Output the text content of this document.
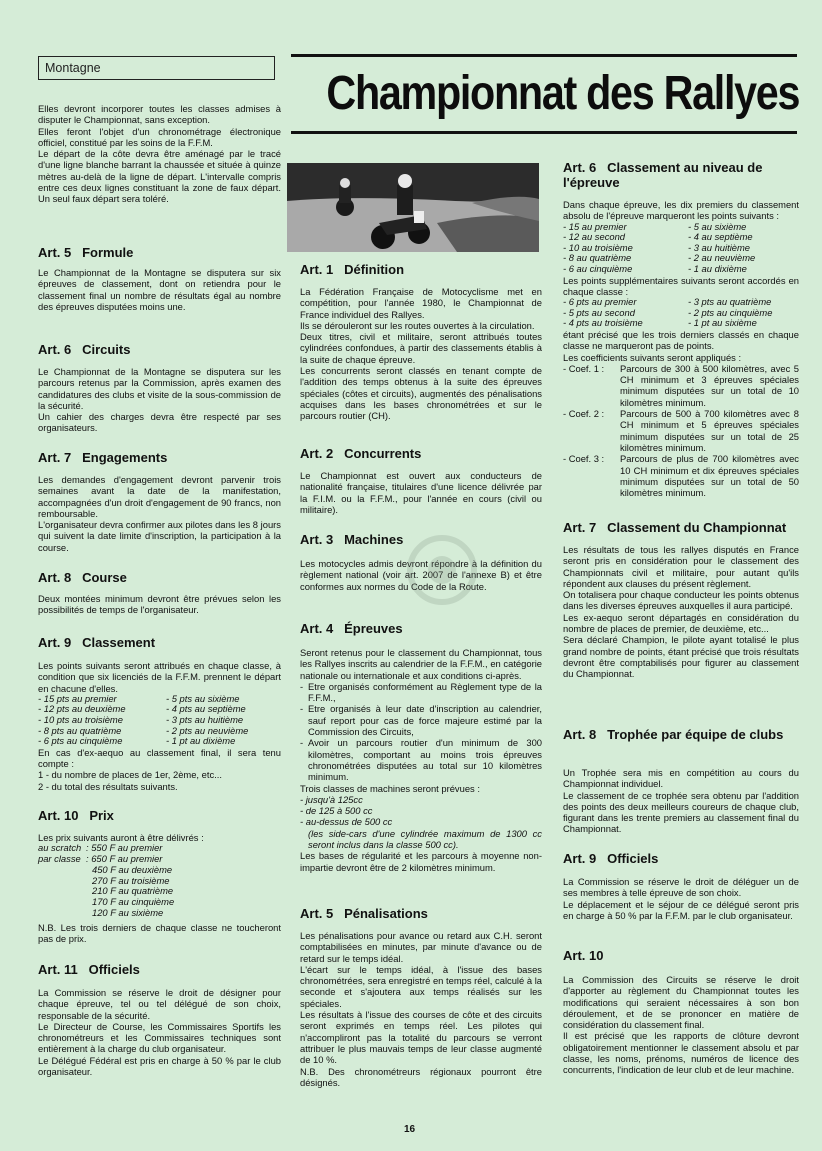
Montagne	Championnat des Rallyes

Elles devront incorporer toutes les classes admises à disputer le Championnat, sans exception.

Elles feront l'objet d'un chronométrage électronique officiel, constitué par les soins de la F.F.M.

Le départ de la côte devra être aménagé par le tracé d'une ligne blanche barrant la chaussée et située à quinze mètres au-delà de la ligne de départ. L'intervalle compris entre ces deux lignes constituant la zone de faux départ. Un seul faux départ sera toléré.

Art. 5 Formule

Le Championnat de la Montagne se disputera sur six épreuves de classement, dont on retiendra pour le classement final un nombre de résultats égal au nombre des épreuves disputées moins une.

Art. 6 Circuits

Le Championnat de la Montagne se disputera sur les parcours retenus par la Commission, après examen des candidatures des clubs et visite de la sous-commission de la sécurité.

Un cahier des charges devra être respecté par ses organisateurs.

Art. 7 Engagements

Les demandes d'engagement devront parvenir trois semaines avant la date de la manifestation, accompagnées d'un droit d'engagement de 90 francs, non remboursable.

L'organisateur devra confirmer aux pilotes dans les 8 jours qui suivent la date limite d'inscription, la participation à la course.

Art. 8 Course

Deux montées minimum devront être prévues selon les possibilités de temps de l'organisateur.

Art. 9 Classement

Les points suivants seront attribués en chaque classe, à condition que six licenciés de la F.F.M. prennent le départ en chacune d'elles.

- 15 pts au premier	- 5 pts au sixième
- 12 pts au deuxième	- 4 pts au septième
- 10 pts au troisième	- 3 pts au huitième
- 8 pts au quatrième	- 2 pts au neuvième
- 6 pts au cinquième	- 1 pt au dixième

En cas d'ex-aequo au classement final, il sera tenu compte :

1 - du nombre de places de 1er, 2ème, etc...

2 - du total des résultats suivants.

Art. 10 Prix

Les prix suivants auront à être délivrés :

au scratch : 550 F au premier
par classe : 650 F au premier
450 F au deuxième
270 F au troisième
210 F au quatrième
170 F au cinquième
120 F au sixième

N.B. Les trois derniers de chaque classe ne toucheront pas de prix.

Art. 11 Officiels

La Commission se réserve le droit de désigner pour chaque épreuve, tel ou tel délégué de son choix, responsable de la sécurité.

Le Directeur de Course, les Commissaires Sportifs les chronométreurs et les Commissaires techniques sont entièrement à la charge du club organisateur.

Le Délégué Fédéral est pris en charge à 50 % par le club organisateur.

Art. 1 Définition

La Fédération Française de Motocyclisme met en compétition, pour l'année 1980, le Championnat de France individuel des Rallyes.

Ils se dérouleront sur les routes ouvertes à la circulation.

Deux titres, civil et militaire, seront attribués toutes cylindrées confondues, à partir des classements établis à la suite de chaque épreuve.

Les concurrents seront classés en tenant compte de l'addition des temps obtenus à la suite des épreuves spéciales (côtes et circuits), augmentés des pénalisations acquises dans les bases chronométrées et sur le parcours routier (CH).

Art. 2 Concurrents

Le Championnat est ouvert aux conducteurs de nationalité française, titulaires d'une licence délivrée par la F.I.M. ou la F.F.M., pour l'année en cours (civil ou militaire).

Art. 3 Machines

Les motocycles admis devront répondre à la définition du règlement national (voir art. 2007 de l'annexe B) et être conformes aux normes du Code de la Route.

Art. 4 Épreuves

Seront retenus pour le classement du Championnat, tous les Rallyes inscrits au calendrier de la F.F.M., en catégorie nationale ou internationale et aux conditions ci-après.

- Etre organisés conformément au Règlement type de la F.F.M.,
- Etre organisés à leur date d'inscription au calendrier, sauf report pour cas de force majeure estimé par la Commission des Circuits,
- Avoir un parcours routier d'un minimum de 300 kilomètres, comportant au moins trois épreuves chronométrées disputées au total sur 10 kilomètres minimum.

Trois classes de machines seront prévues :

- jusqu'à 125cc

- de 125 à 500 cc

- au-dessus de 500 cc

(les side-cars d'une cylindrée maximum de 1300 cc seront inclus dans la classe 500 cc).

Les bases de régularité et les parcours à moyenne non-impartie devront être de 2 kilomètres minimum.

Art. 5 Pénalisations

Les pénalisations pour avance ou retard aux C.H. seront comptabilisées en minutes, par minute d'avance ou de retard sur le temps idéal.

L'écart sur le temps idéal, à l'issue des bases chronométrées, sera enregistré en temps réel, calculé à la seconde et s'ajoutera aux temps réalisés sur les spéciales.

Les résultats à l'issue des courses de côte et des circuits seront exprimés en temps réel. Les pilotes qui n'accompliront pas la totalité du parcours se verront attribuer le plus mauvais temps de leur classe augmenté de 10 %.

N.B. Des chronométreurs régionaux pourront être désignés.

Art. 6 Classement au niveau de l'épreuve

Dans chaque épreuve, les dix premiers du classement absolu de l'épreuve marqueront les points suivants :

- 15 au premier	- 5 au sixième
- 12 au second	- 4 au septième
- 10 au troisième	- 3 au huitième
- 8 au quatrième	- 2 au neuvième
- 6 au cinquième	- 1 au dixième

Les points supplémentaires suivants seront accordés en chaque classe :

- 6 pts au premier	- 3 pts au quatrième
- 5 pts au second	- 2 pts au cinquième
- 4 pts au troisième	- 1 pt au sixième

étant précisé que les trois derniers classés en chaque classe ne marqueront pas de points.

Les coefficients suivants seront appliqués :

- Coef. 1 :	Parcours de 300 à 500 kilomètres, avec 5 CH minimum et 3 épreuves spéciales minimum disputées sur un total de 10 kilomètres minimum.
- Coef. 2 :	Parcours de 500 à 700 kilomètres avec 8 CH minimum et 5 épreuves spéciales minimum disputées sur un total de 25 kilomètres minimum.
- Coef. 3 :	Parcours de plus de 700 kilomètres avec 10 CH minimum et dix épreuves spéciales minimum disputées sur un total de 50 kilomètres minimum.
Art. 7 Classement du Championnat

Les résultats de tous les rallyes disputés en France seront pris en considération pour le classement des Championnats civil et militaire, pour autant qu'ils répondent aux clauses du présent règlement.

On totalisera pour chaque conducteur les points obtenus dans les diverses épreuves auxquelles il aura participé.

Les ex-aequo seront départagés en considération du nombre de places de premier, de deuxième, etc...

Sera déclaré Champion, le pilote ayant totalisé le plus grand nombre de points, étant précisé que trois résultats devront être comptabilisés pour figurer au classement du Championnat.

Art. 8 Trophée par équipe de clubs

Un Trophée sera mis en compétition au cours du Championnat individuel.

Le classement de ce trophée sera obtenu par l'addition des points des deux meilleurs coureurs de chaque club, figurant dans les trente premiers au classement final du Championnat.

Art. 9 Officiels

La Commission se réserve le droit de déléguer un de ses membres à telle épreuve de son choix.

Le déplacement et le séjour de ce délégué seront pris en charge à 50 % par la F.F.M. par le club organisateur.

Art. 10

La Commission des Circuits se réserve le droit d'apporter au règlement du Championnat toutes les modifications qui seraient nécessaires à son bon déroulement, et de se prononcer en matière de considération du classement final.

Il est précisé que les rapports de clôture devront obligatoirement mentionner le classement absolu et par classe, les noms, prénoms, numéros de licence des concurrents, l'indication de leur club et de leur machine.

16
